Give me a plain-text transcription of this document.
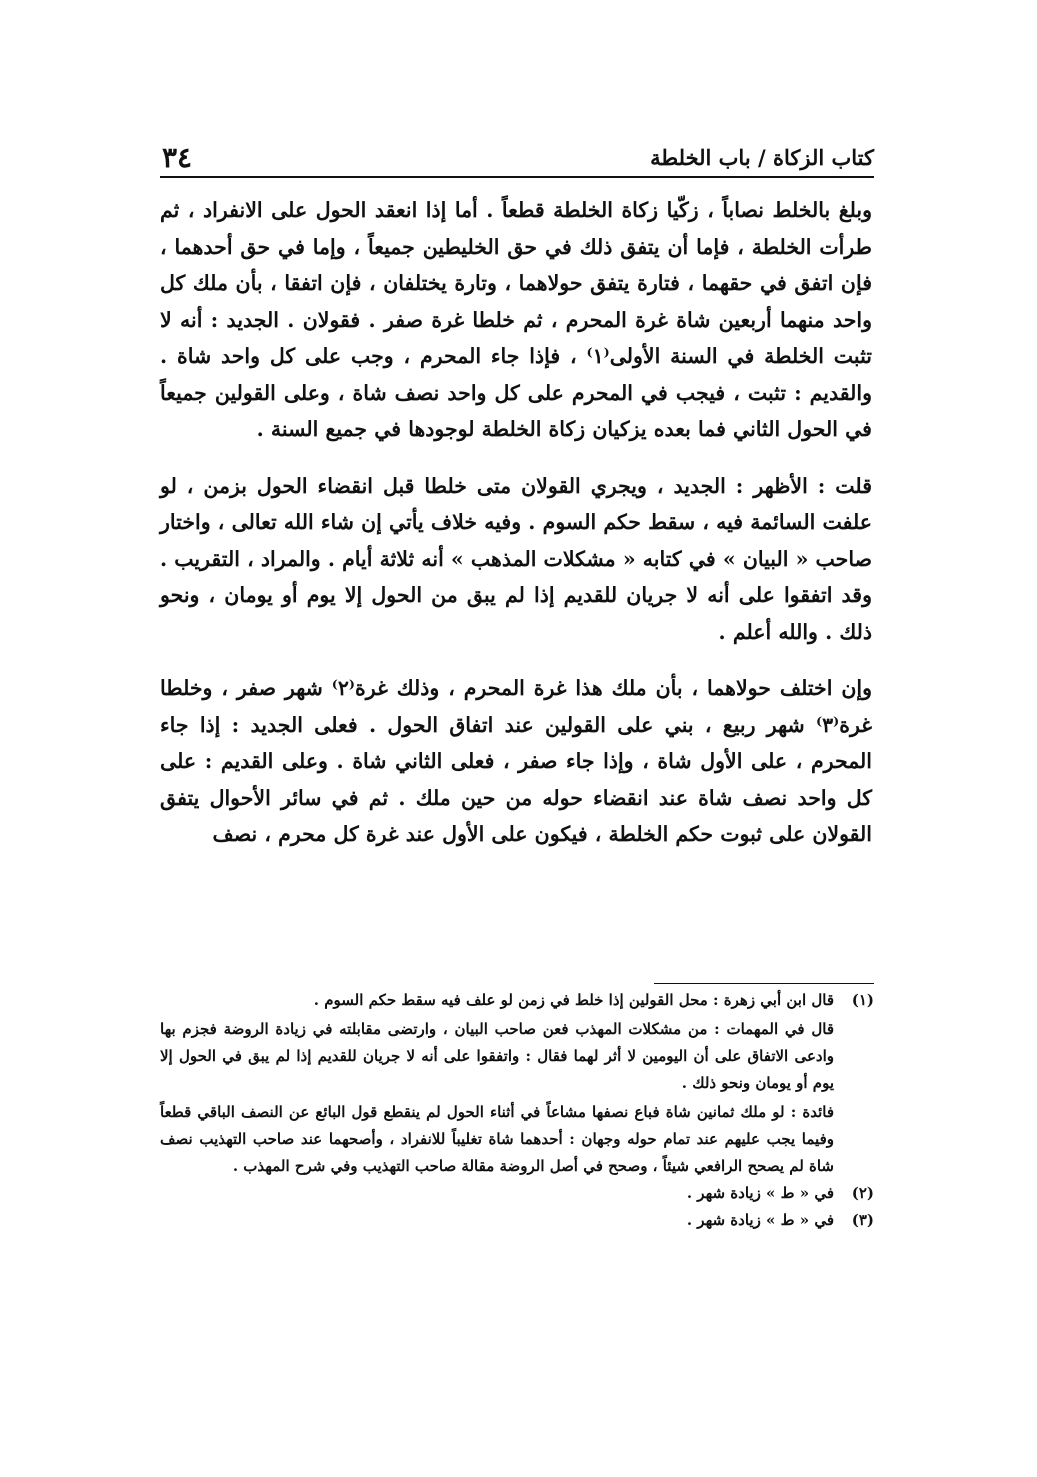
كتاب الزكاة / باب الخلطة
٣٤

وبلغ بالخلط نصاباً ، زكّيا زكاة الخلطة قطعاً . أما إذا انعقد الحول على الانفراد ، ثم طرأت الخلطة ، فإما أن يتفق ذلك في حق الخليطين جميعاً ، وإما في حق أحدهما ، فإن اتفق في حقهما ، فتارة يتفق حولاهما ، وتارة يختلفان ، فإن اتفقا ، بأن ملك كل واحد منهما أربعين شاة غرة المحرم ، ثم خلطا غرة صفر . فقولان . الجديد : أنه لا تثبت الخلطة في السنة الأولى⁽١⁾ ، فإذا جاء المحرم ، وجب على كل واحد شاة . والقديم : تثبت ، فيجب في المحرم على كل واحد نصف شاة ، وعلى القولين جميعاً في الحول الثاني فما بعده يزكيان زكاة الخلطة لوجودها في جميع السنة .

قلت : الأظهر : الجديد ، ويجري القولان متى خلطا قبل انقضاء الحول بزمن ، لو علفت السائمة فيه ، سقط حكم السوم . وفيه خلاف يأتي إن شاء الله تعالى ، واختار صاحب « البيان » في كتابه « مشكلات المذهب » أنه ثلاثة أيام . والمراد ، التقريب . وقد اتفقوا على أنه لا جريان للقديم إذا لم يبق من الحول إلا يوم أو يومان ، ونحو ذلك . والله أعلم .

وإن اختلف حولاهما ، بأن ملك هذا غرة المحرم ، وذلك غرة⁽٢⁾ شهر صفر ، وخلطا غرة⁽٣⁾ شهر ربيع ، بني على القولين عند اتفاق الحول . فعلى الجديد : إذا جاء المحرم ، على الأول شاة ، وإذا جاء صفر ، فعلى الثاني شاة . وعلى القديم : على كل واحد نصف شاة عند انقضاء حوله من حين ملك . ثم في سائر الأحوال يتفق القولان على ثبوت حكم الخلطة ، فيكون على الأول عند غرة كل محرم ، نصف

(١)
قال ابن أبي زهرة : محل القولين إذا خلط في زمن لو علف فيه سقط حكم السوم .
قال في المهمات : من مشكلات المهذب فعن صاحب البيان ، وارتضى مقابلته في زيادة الروضة فجزم بها وادعى الاتفاق على أن اليومين لا أثر لهما فقال : واتفقوا على أنه لا جريان للقديم إذا لم يبق في الحول إلا يوم أو يومان ونحو ذلك .
فائدة : لو ملك ثمانين شاة فباع نصفها مشاعاً في أثناء الحول لم ينقطع قول البائع عن النصف الباقي قطعاً وفيما يجب عليهم عند تمام حوله وجهان : أحدهما شاة تغليباً للانفراد ، وأصحهما عند صاحب التهذيب نصف شاة لم يصحح الرافعي شيئاً ، وصحح في أصل الروضة مقالة صاحب التهذيب وفي شرح المهذب .
(٢)
في « ط » زيادة شهر .
(٣)
في « ط » زيادة شهر .
